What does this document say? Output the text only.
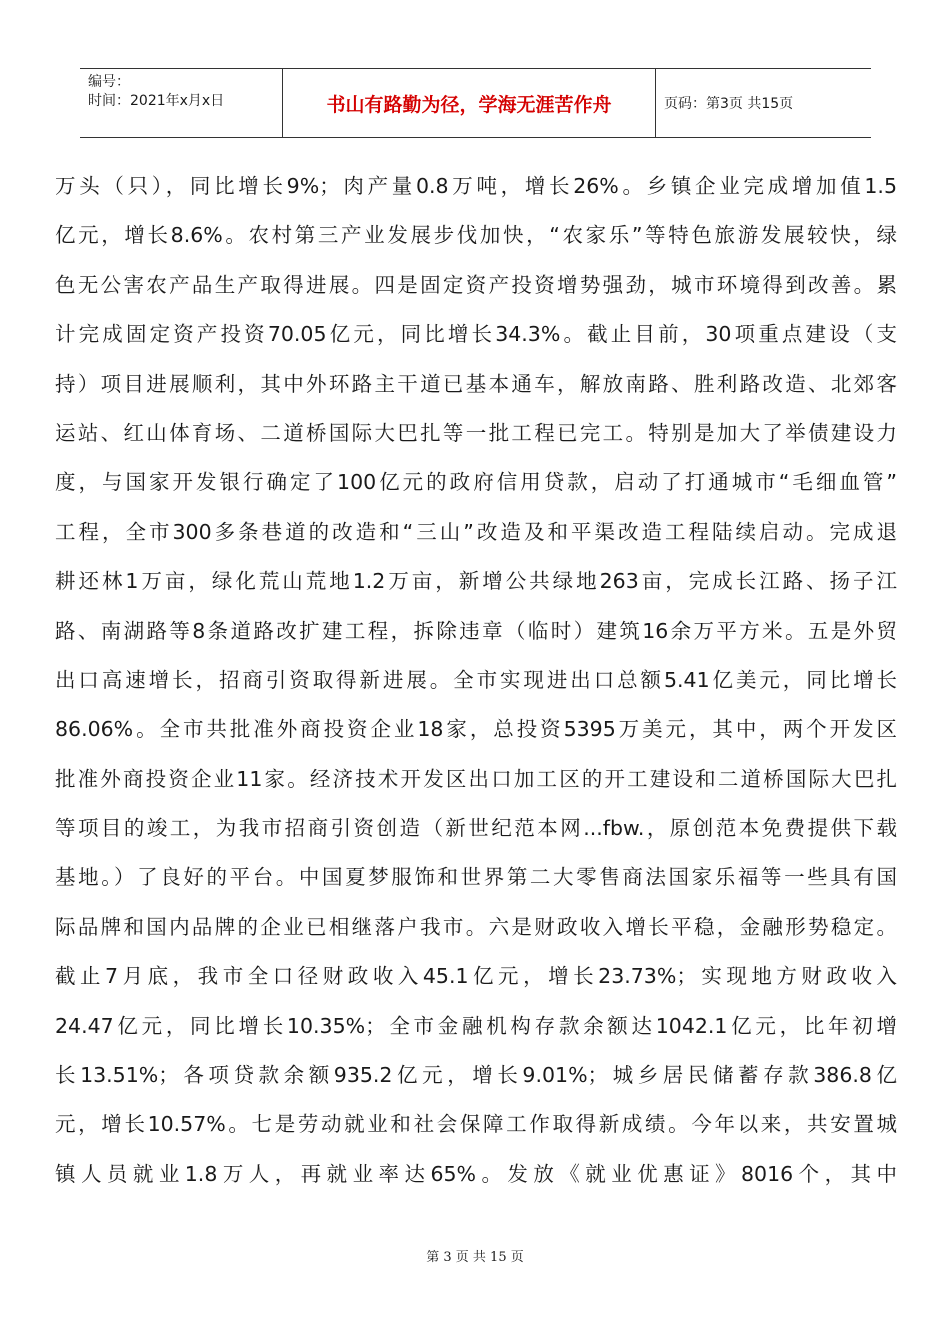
编号：
时间：2021年x月x日	书山有路勤为径，学海无涯苦作舟	页码：第3页 共15页
万头（只），同比增长9%；肉产量0.8万吨，增长26%。乡镇企业完成增加值1.5
亿元，增长8.6%。农村第三产业发展步伐加快，“农家乐”等特色旅游发展较快，绿
色无公害农产品生产取得进展。四是固定资产投资增势强劲，城市环境得到改善。累
计完成固定资产投资70.05亿元，同比增长34.3%。截止目前，30项重点建设（支
持）项目进展顺利，其中外环路主干道已基本通车，解放南路、胜利路改造、北郊客
运站、红山体育场、二道桥国际大巴扎等一批工程已完工。特别是加大了举债建设力
度，与国家开发银行确定了100亿元的政府信用贷款，启动了打通城市“毛细血管”
工程，全市300多条巷道的改造和“三山”改造及和平渠改造工程陆续启动。完成退
耕还林1万亩，绿化荒山荒地1.2万亩，新增公共绿地263亩，完成长江路、扬子江
路、南湖路等8条道路改扩建工程，拆除违章（临时）建筑16余万平方米。五是外贸
出口高速增长，招商引资取得新进展。全市实现进出口总额5.41亿美元，同比增长
86.06%。全市共批准外商投资企业18家，总投资5395万美元，其中，两个开发区
批准外商投资企业11家。经济技术开发区出口加工区的开工建设和二道桥国际大巴扎
等项目的竣工，为我市招商引资创造（新世纪范本网...fbw.，原创范本免费提供下载
基地。）了良好的平台。中国夏梦服饰和世界第二大零售商法国家乐福等一些具有国
际品牌和国内品牌的企业已相继落户我市。六是财政收入增长平稳，金融形势稳定。
截止7月底，我市全口径财政收入45.1亿元，增长23.73%；实现地方财政收入
24.47亿元，同比增长10.35%；全市金融机构存款余额达1042.1亿元，比年初增
长13.51%；各项贷款余额935.2亿元，增长9.01%；城乡居民储蓄存款386.8亿
元，增长10.57%。七是劳动就业和社会保障工作取得新成绩。今年以来，共安置城
镇人员就业1.8万人，再就业率达65%。发放《就业优惠证》8016个，其中
第 3 页 共 15 页
